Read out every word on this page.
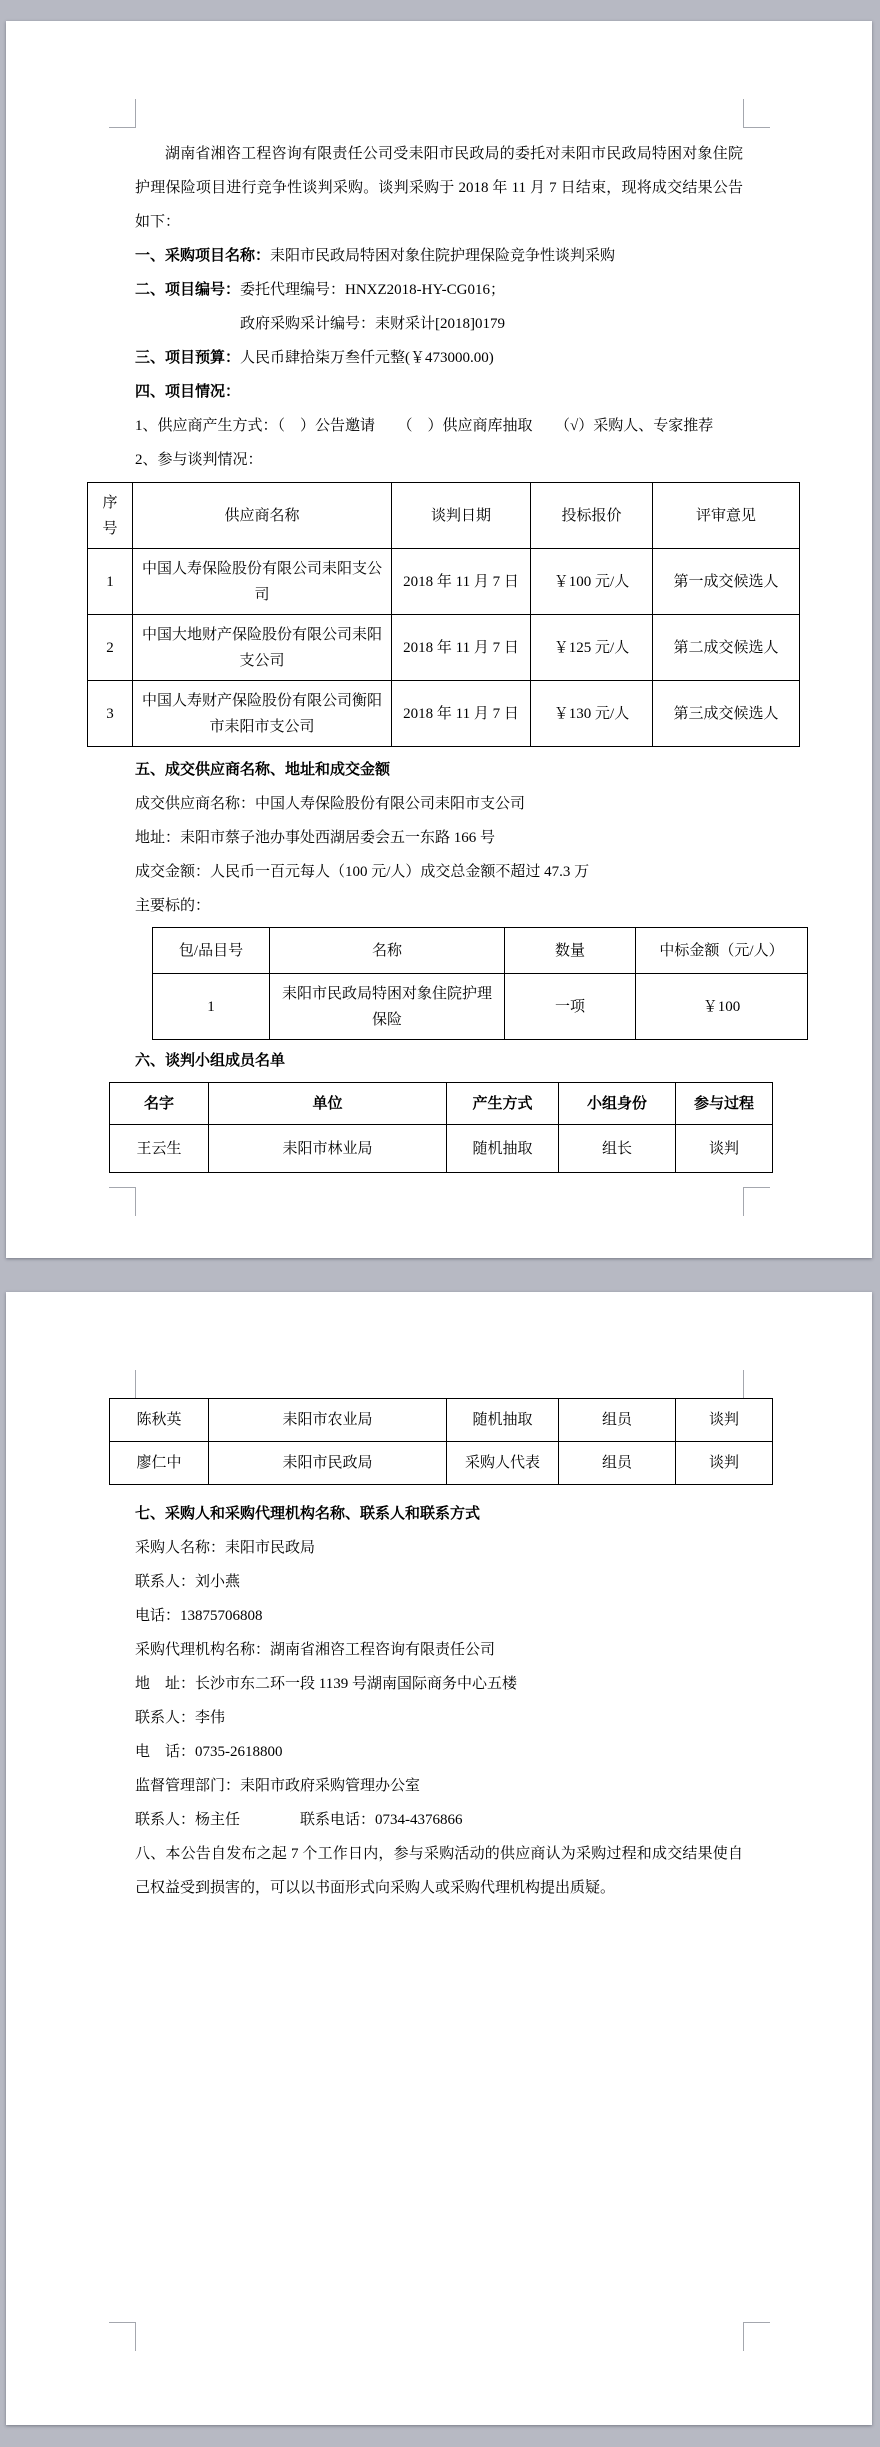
湖南省湘咨工程咨询有限责任公司受耒阳市民政局的委托对耒阳市民政局特困对象住院护理保险项目进行竞争性谈判采购。谈判采购于 2018 年 11 月 7 日结束，现将成交结果公告如下：

一、采购项目名称：耒阳市民政局特困对象住院护理保险竞争性谈判采购

二、项目编号：委托代理编号：HNXZ2018-HY-CG016；

政府采购采计编号：耒财采计[2018]0179

三、项目预算：人民币肆拾柒万叁仟元整(￥473000.00)

四、项目情况：

1、供应商产生方式：（　）公告邀请　　（　）供应商库抽取　　（√）采购人、专家推荐

2、参与谈判情况：

序号	供应商名称	谈判日期	投标报价	评审意见
1	中国人寿保险股份有限公司耒阳支公司	2018 年 11 月 7 日	￥100 元/人	第一成交候选人
2	中国大地财产保险股份有限公司耒阳支公司	2018 年 11 月 7 日	￥125 元/人	第二成交候选人
3	中国人寿财产保险股份有限公司衡阳市耒阳市支公司	2018 年 11 月 7 日	￥130 元/人	第三成交候选人

五、成交供应商名称、地址和成交金额

成交供应商名称：中国人寿保险股份有限公司耒阳市支公司

地址：耒阳市蔡子池办事处西湖居委会五一东路 166 号

成交金额：人民币一百元每人（100 元/人）成交总金额不超过 47.3 万

主要标的：

包/品目号	名称	数量	中标金额（元/人）
1	耒阳市民政局特困对象住院护理保险	一项	￥100

六、谈判小组成员名单

名字	单位	产生方式	小组身份	参与过程
王云生	耒阳市林业局	随机抽取	组长	谈判
陈秋英	耒阳市农业局	随机抽取	组员	谈判
廖仁中	耒阳市民政局	采购人代表	组员	谈判

七、采购人和采购代理机构名称、联系人和联系方式

采购人名称：耒阳市民政局

联系人：刘小燕

电话：13875706808

采购代理机构名称：湖南省湘咨工程咨询有限责任公司

地　址：长沙市东二环一段 1139 号湖南国际商务中心五楼

联系人：李伟

电　话：0735-2618800

监督管理部门：耒阳市政府采购管理办公室

联系人：杨主任　　　　联系电话：0734-4376866

八、本公告自发布之起 7 个工作日内，参与采购活动的供应商认为采购过程和成交结果使自己权益受到损害的，可以以书面形式向采购人或采购代理机构提出质疑。
